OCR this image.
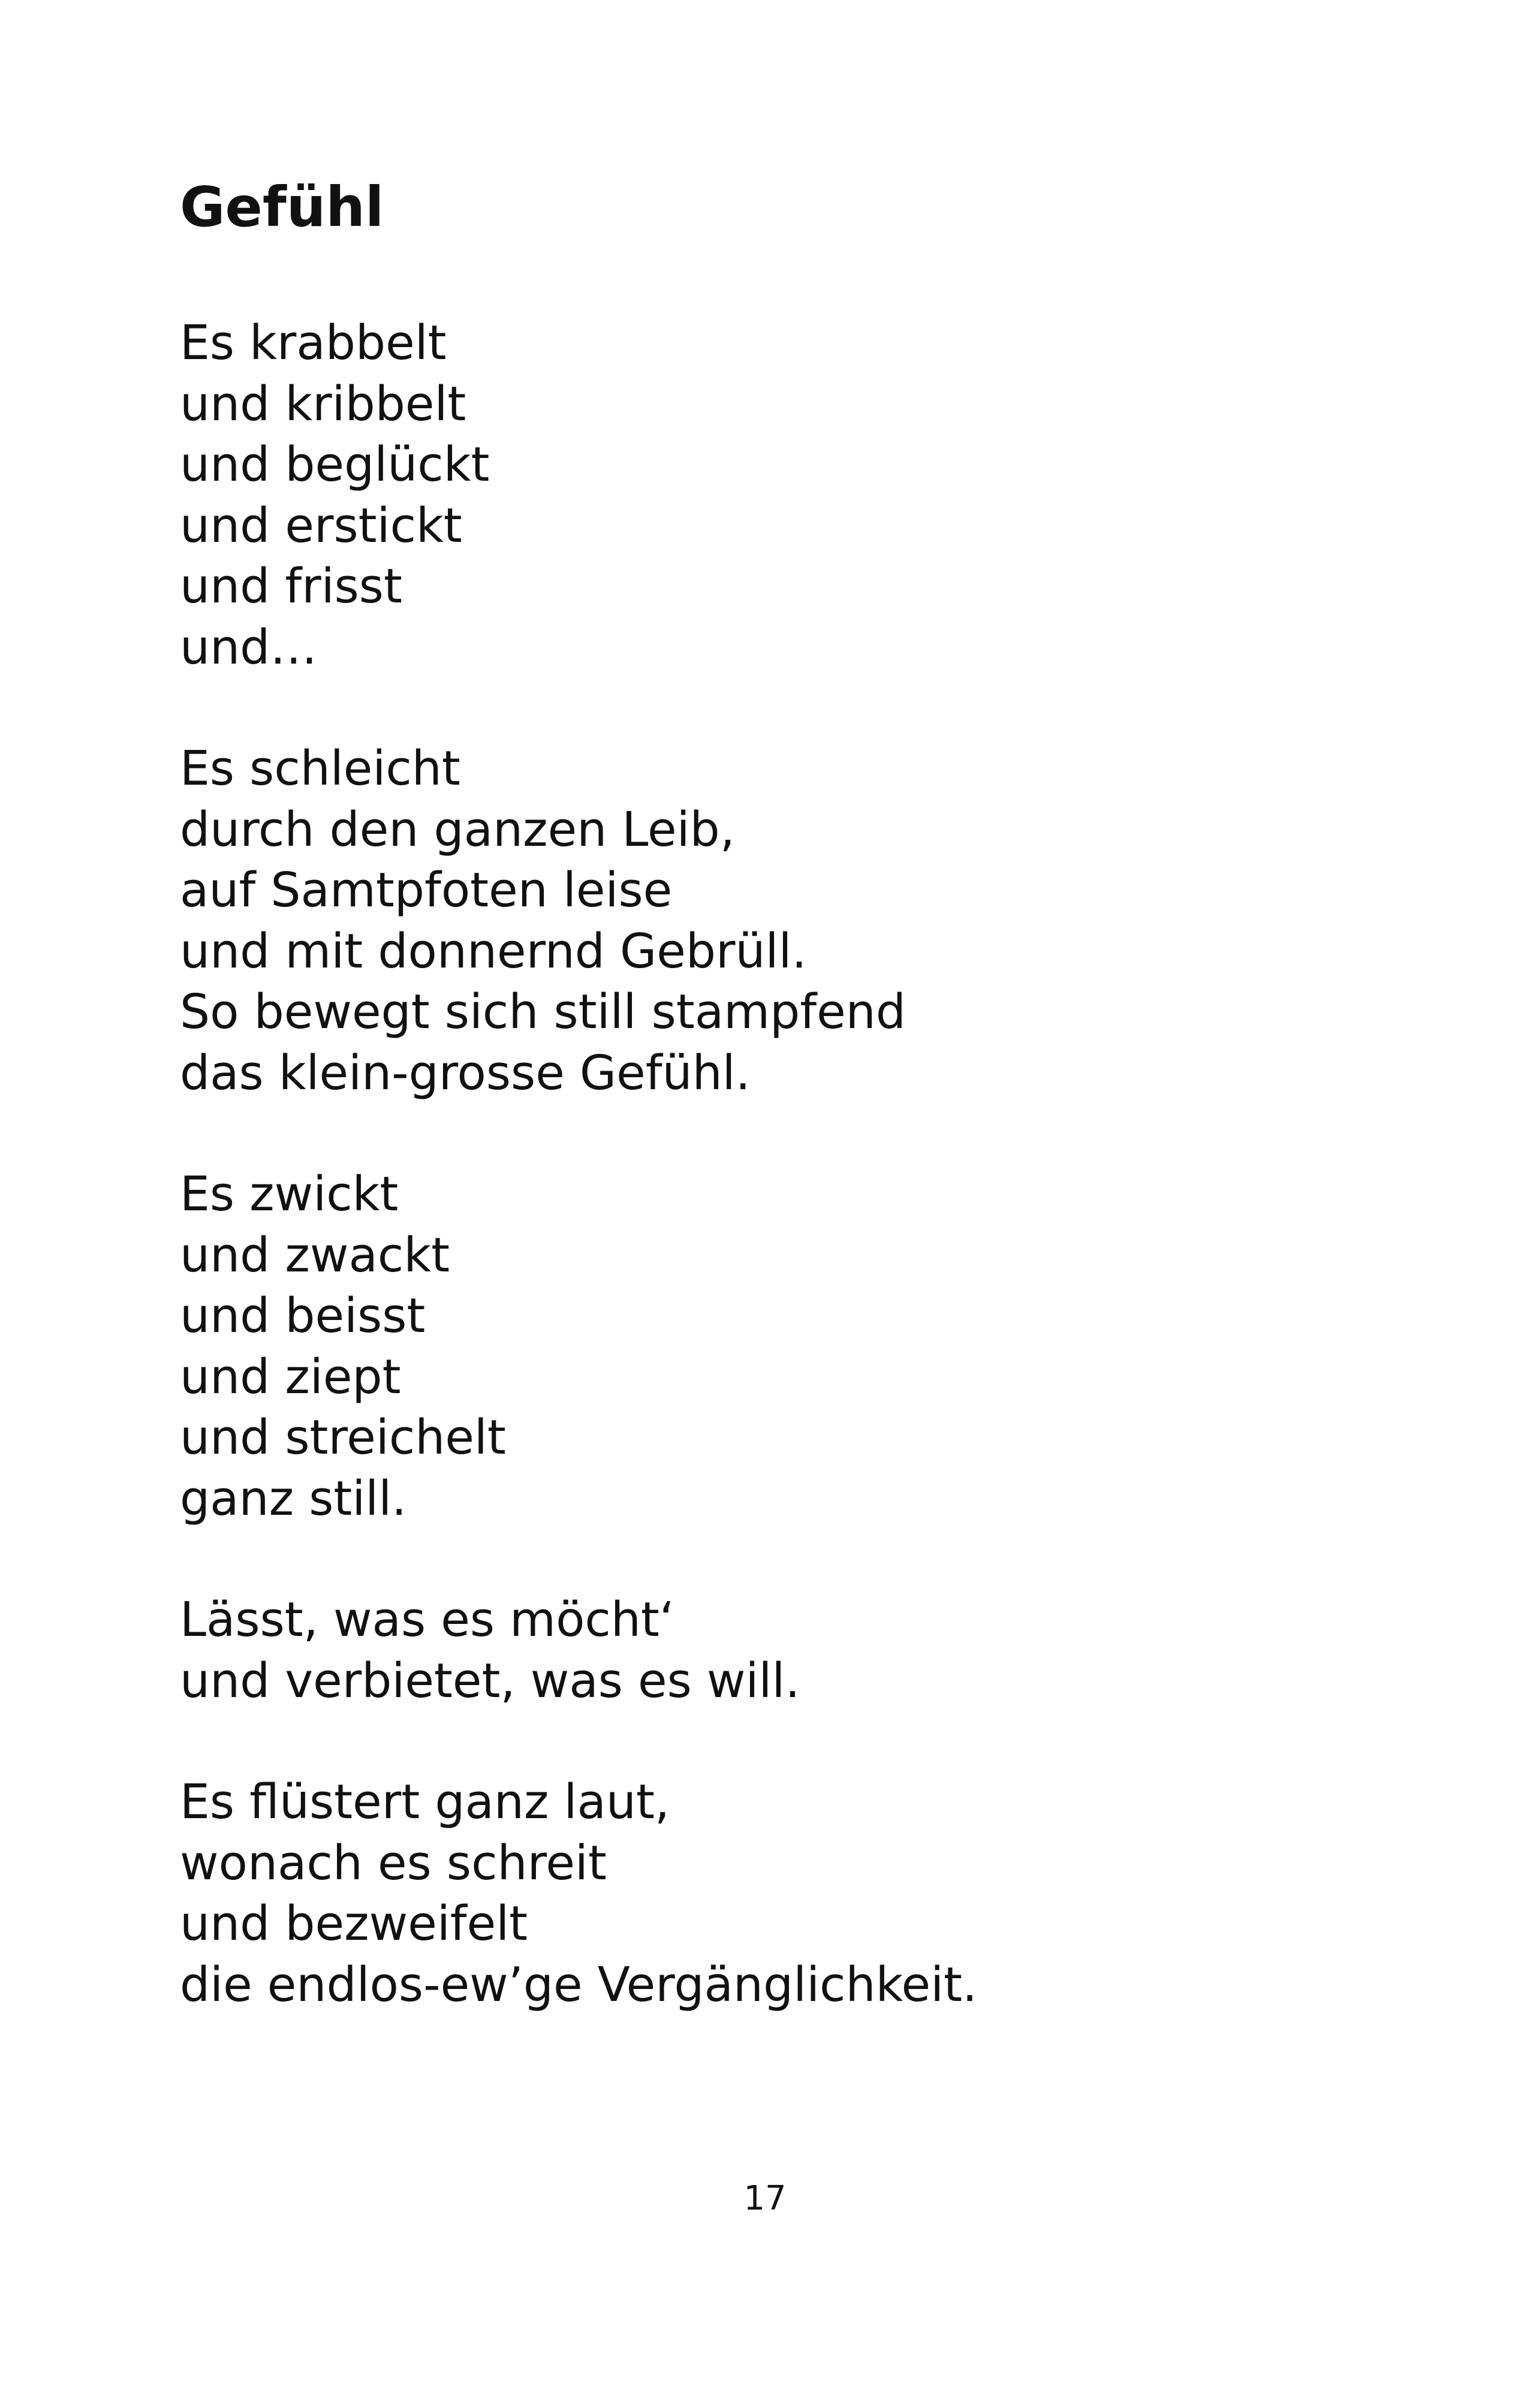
Gefühl
Es krabbelt
und kribbelt
und beglückt
und erstickt
und frisst
und…
Es schleicht
durch den ganzen Leib,
auf Samtpfoten leise
und mit donnernd Gebrüll.
So bewegt sich still stampfend
das klein-grosse Gefühl.
Es zwickt
und zwackt
und beisst
und ziept
und streichelt
ganz still.
Lässt, was es möcht‘
und verbietet, was es will.
Es flüstert ganz laut,
wonach es schreit
und bezweifelt
die endlos-ew’ge Vergänglichkeit.
17
